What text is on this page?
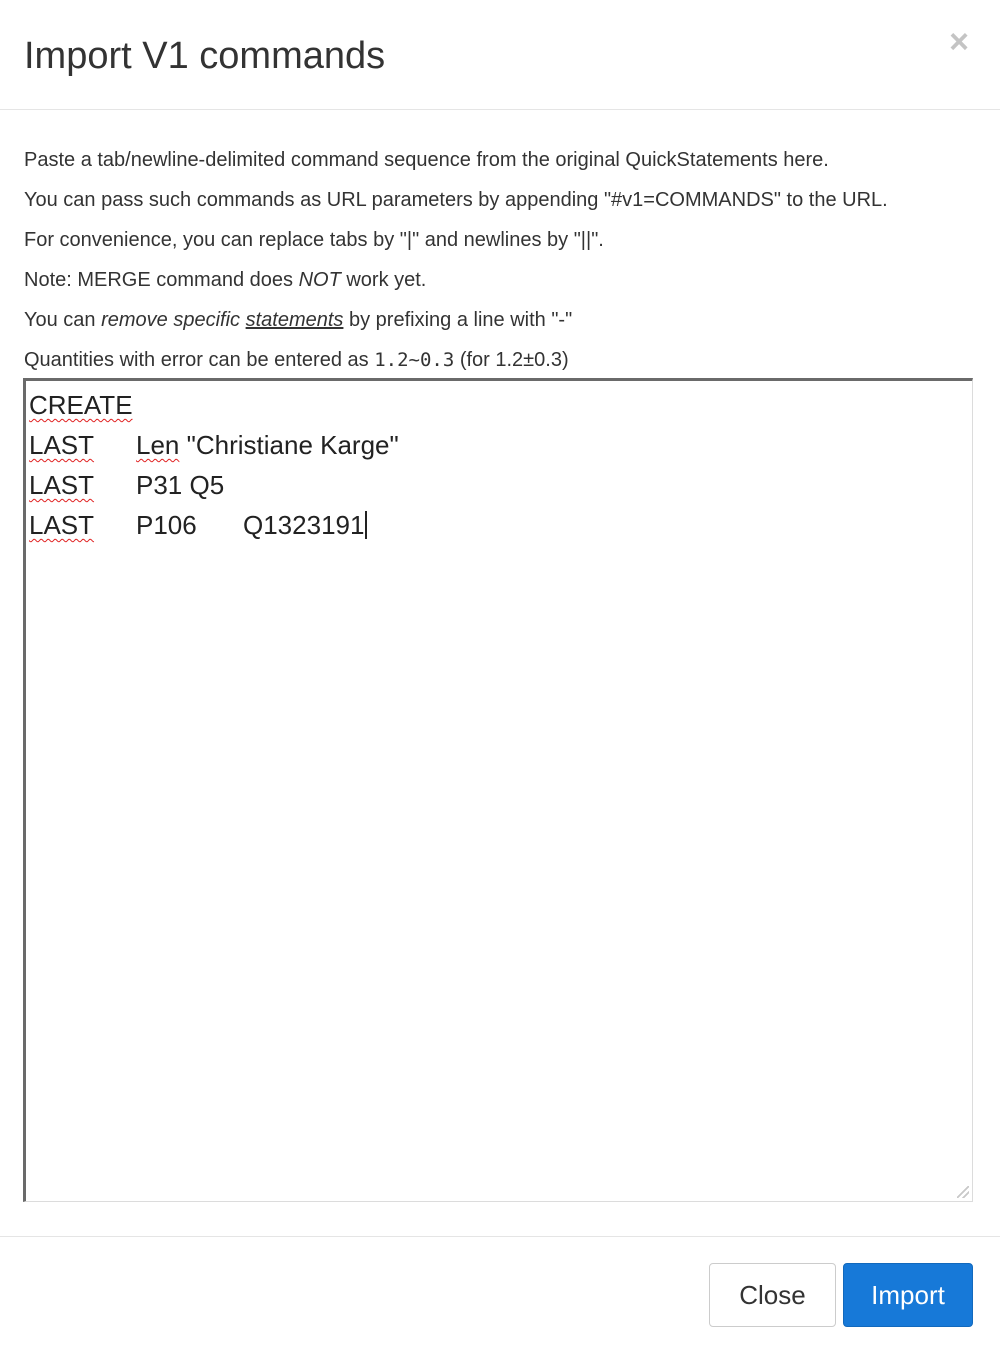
Import V1 commands	×

Paste a tab/newline-delimited command sequence from the original QuickStatements here.

You can pass such commands as URL parameters by appending "#v1=COMMANDS" to the URL.

For convenience, you can replace tabs by "|" and newlines by "||".

Note: MERGE command does NOT work yet.

You can remove specific statements by prefixing a line with "-"

Quantities with error can be entered as 1.2~0.3 (for 1.2±0.3)

CREATE
LAST Len "Christiane Karge"
LAST P31 Q5
LAST P106 Q1323191
Close	Import
